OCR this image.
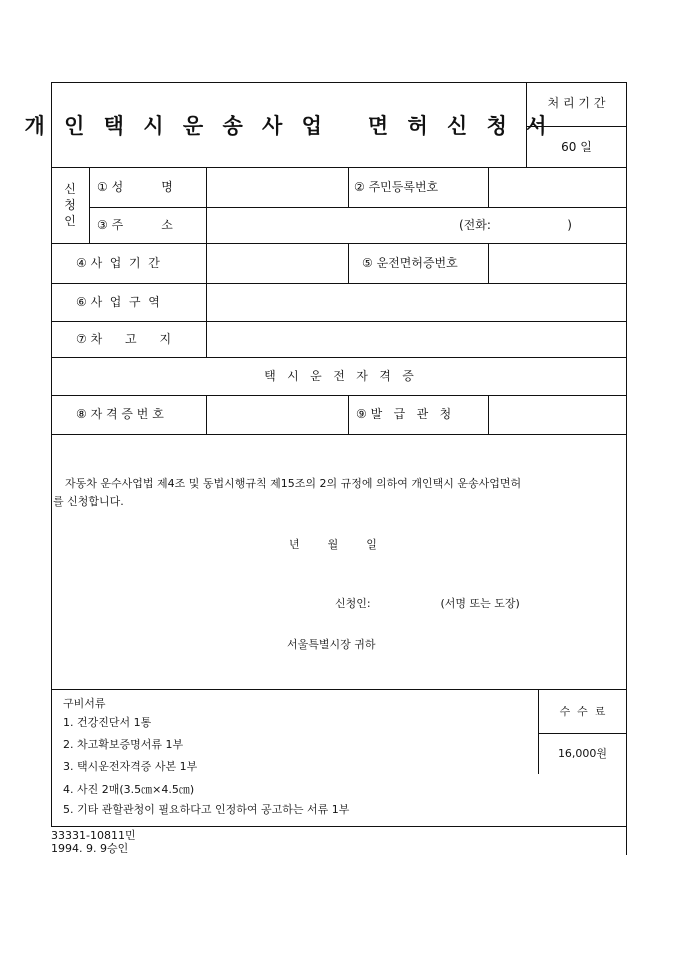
개 인 택 시 운 송 사 업   면 허 신 청 서
처 리 기 간
60 일
신
청
인
① 성          명	② 주민등록번호
③ 주          소	(전화:                    )
④ 사  업  기  간	⑤ 운전면허증번호
⑥ 사  업  구  역
⑦ 차      고      지
택   시   운   전   자   격   증
⑧ 자 격 증 번 호	⑨ 발   급   관   청
자동차 운수사업법 제4조 및 동법시행규칙 제15조의 2의 규정에 의하여 개인택시 운송사업면허
를 신청합니다.
년        월        일
신청인:                    (서명 또는 도장)
서울특별시장 귀하
구비서류
1. 건강진단서 1통
2. 차고확보증명서류 1부
3. 택시운전자격증 사본 1부
4. 사진 2매(3.5㎝×4.5㎝)
5. 기타 관할관청이 필요하다고 인정하여 공고하는 서류 1부
수  수  료
16,000원
33331-10811민
1994. 9. 9승인
